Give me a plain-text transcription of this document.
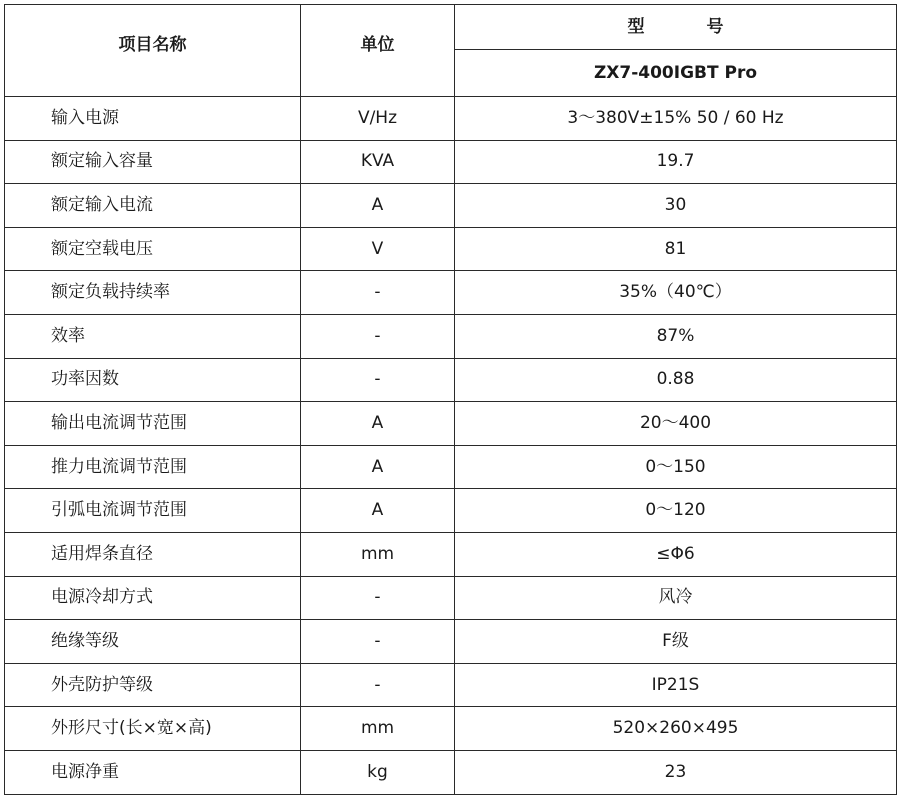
项目名称	单位	型 号
		ZX7-400IGBT Pro
输入电源	V/Hz	3～380V±15% 50 / 60 Hz
额定输入容量	KVA	19.7
额定输入电流	A	30
额定空载电压	V	81
额定负载持续率	-	35%（40℃）
效率	-	87%
功率因数	-	0.88
输出电流调节范围	A	20～400
推力电流调节范围	A	0～150
引弧电流调节范围	A	0～120
适用焊条直径	mm	≤Φ6
电源冷却方式	-	风冷
绝缘等级	-	F级
外壳防护等级	-	IP21S
外形尺寸(长×宽×高)	mm	520×260×495
电源净重	kg	23
